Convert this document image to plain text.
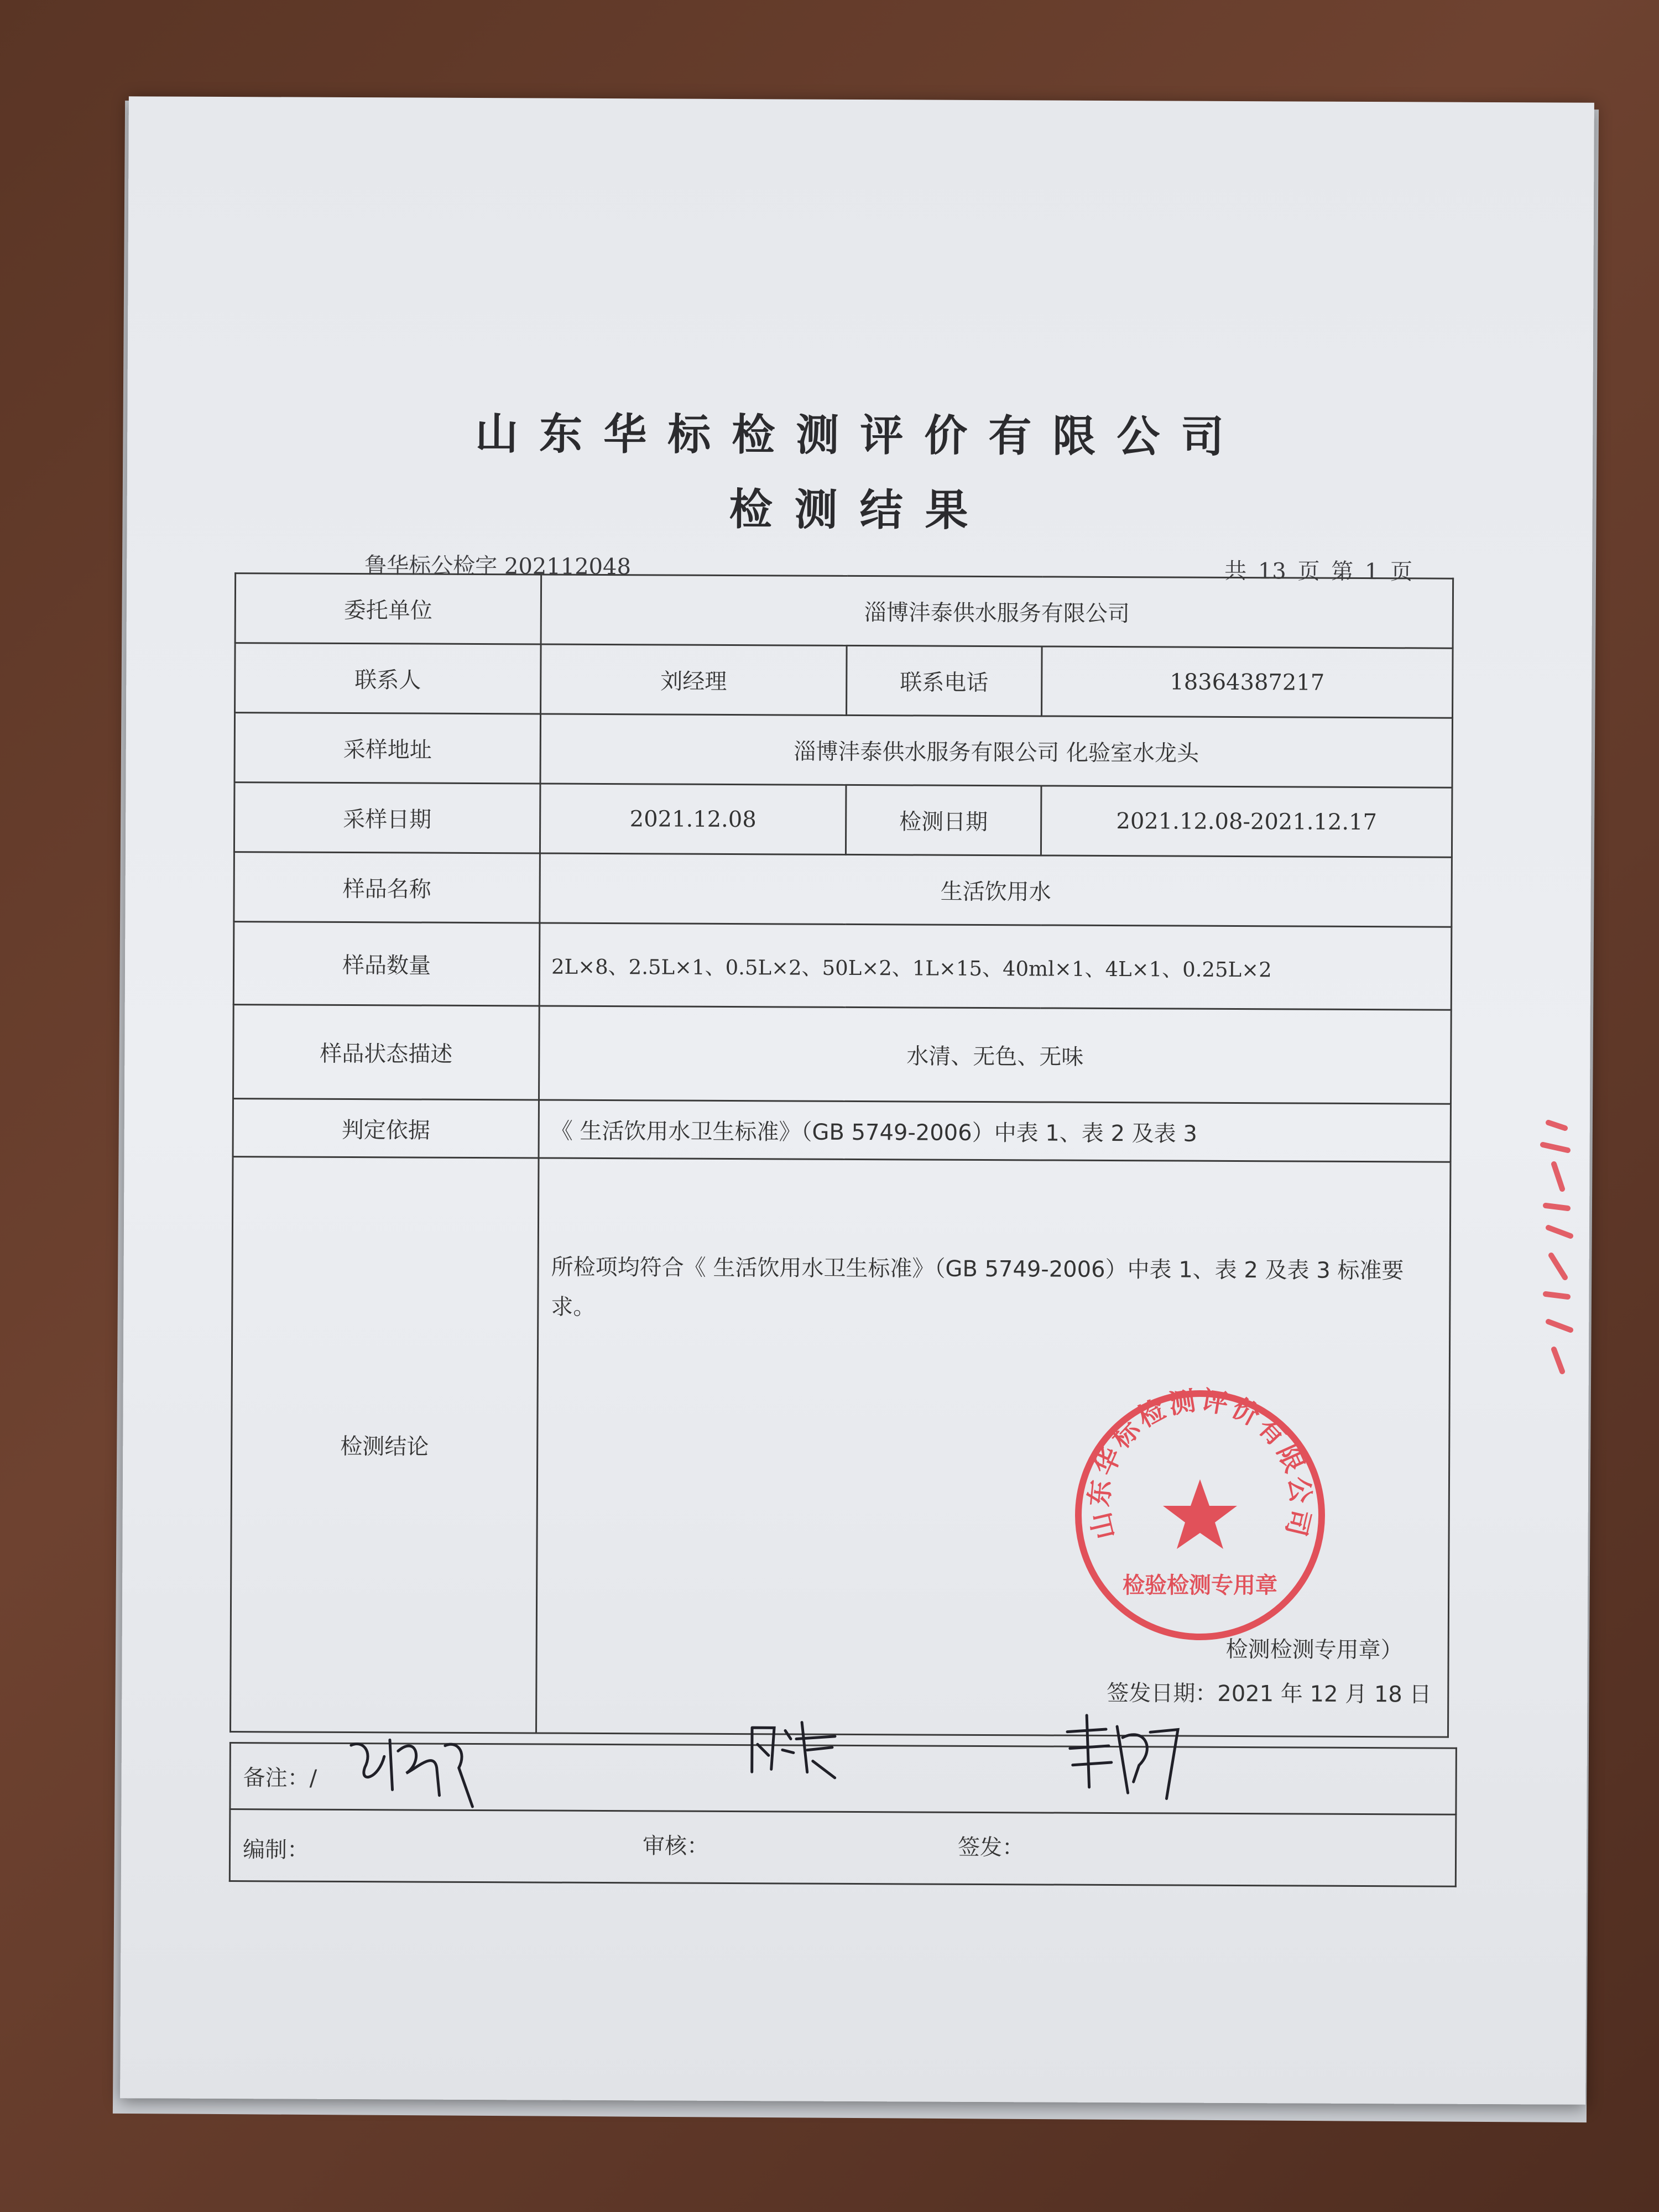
山东华标检测评价有限公司
检测结果
鲁华标公检字 202112048	共 13 页 第 1 页
委托单位	淄博沣泰供水服务有限公司		
联系人	刘经理	联系电话	18364387217
采样地址	淄博沣泰供水服务有限公司 化验室水龙头		
采样日期	2021.12.08	检测日期	2021.12.08-2021.12.17
样品名称	生活饮用水		
样品数量	2L×8、2.5L×1、0.5L×2、50L×2、1L×15、40ml×1、4L×1、0.25L×2		
样品状态描述	水清、无色、无味		
判定依据	《 生活饮用水卫生标准》（GB 5749-2006）中表 1、表 2 及表 3		
检测结论	所检项均符合《 生活饮用水卫生标准》（GB 5749-2006）中表 1、表 2 及表 3 标准要求。
检测检测专用章）
签发日期：2021 年 12 月 18 日		
备注：/

编制：	审核：	签发：
山东华标检测评价有限公司
检验检测专用章
